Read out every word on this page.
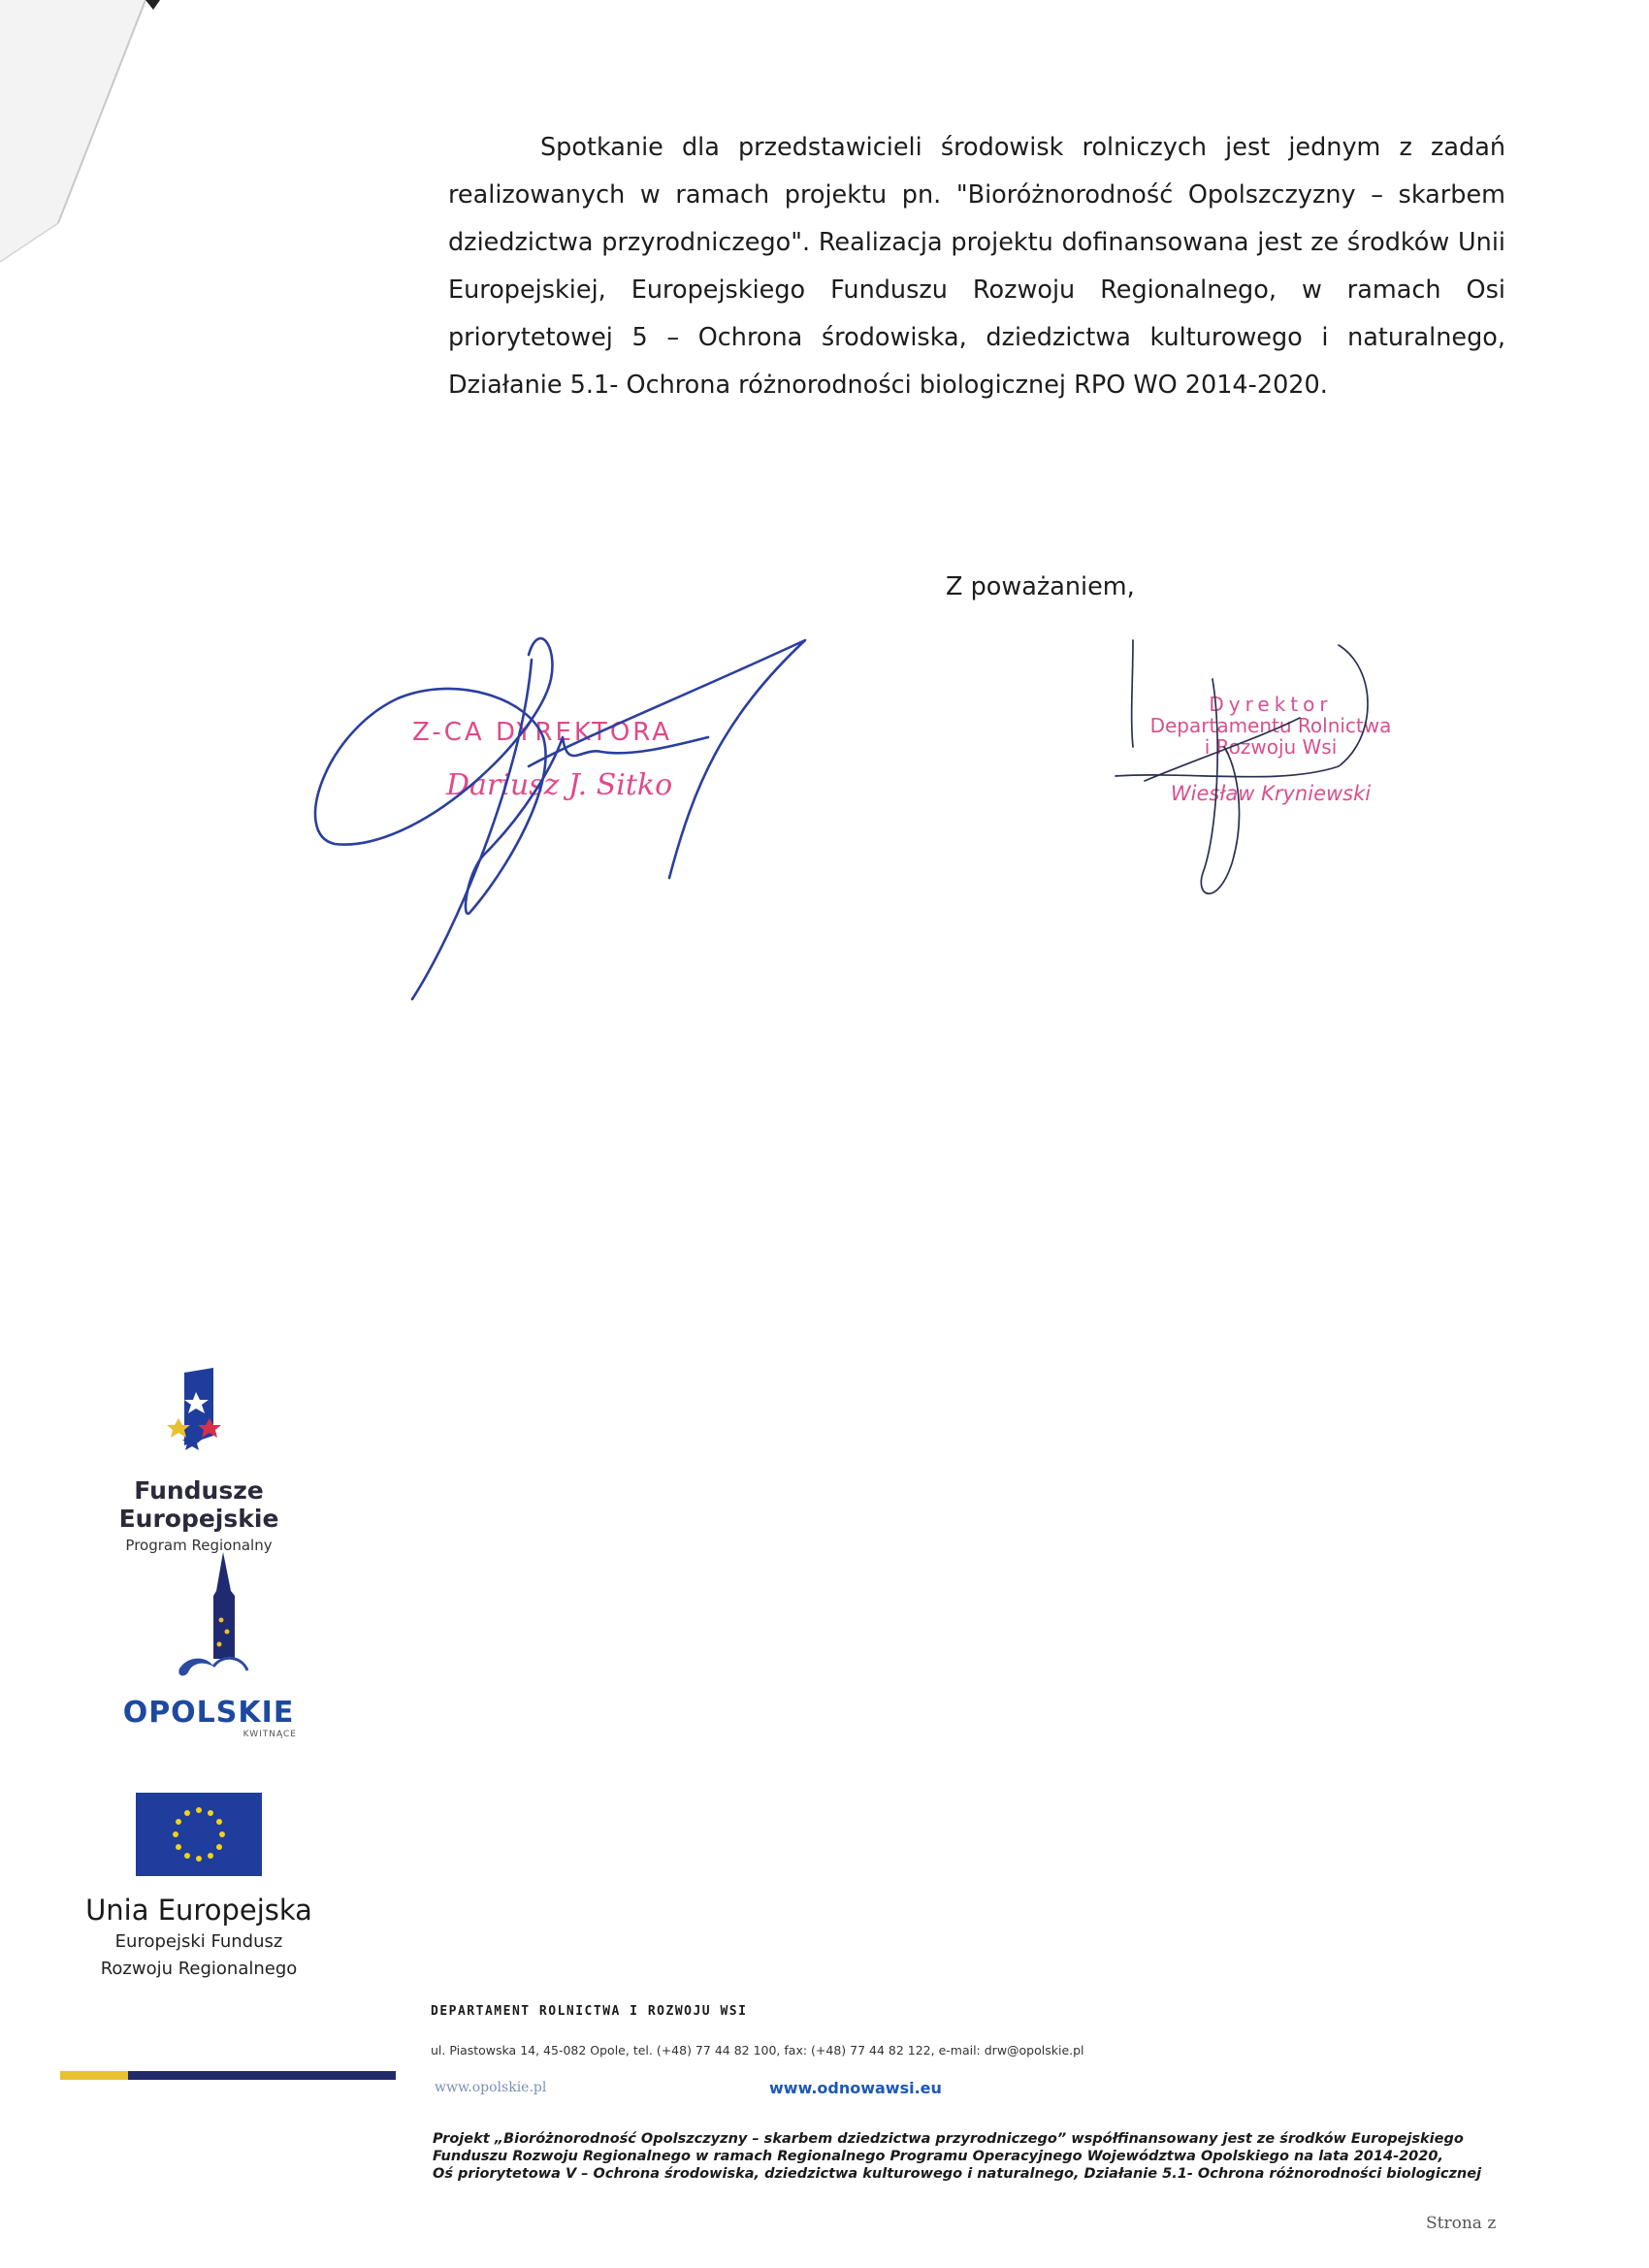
Spotkanie dla przedstawicieli środowisk rolniczych jest jednym z zadań realizowanych w ramach projektu pn. "Bioróżnorodność Opolszczyzny – skarbem dziedzictwa przyrodniczego". Realizacja projektu dofinansowana jest ze środków Unii Europejskiej, Europejskiego Funduszu Rozwoju Regionalnego, w ramach Osi priorytetowej 5 – Ochrona środowiska, dziedzictwa kulturowego i naturalnego, Działanie 5.1- Ochrona różnorodności biologicznej RPO WO 2014-2020.
Z poważaniem,
Z-CA DYREKTORA
Dariusz J. Sitko
Dyrektor
Departamentu Rolnictwa
i Rozwoju Wsi
Wiesław Kryniewski
Fundusze Europejskie
Program Regionalny
OPOLSKIE
KWITNĄCE
Unia Europejska
Europejski Fundusz
Rozwoju Regionalnego
DEPARTAMENT ROLNICTWA I ROZWOJU WSI
ul. Piastowska 14, 45-082 Opole, tel. (+48) 77 44 82 100, fax: (+48) 77 44 82 122, e-mail: drw@opolskie.pl
www.opolskie.pl	www.odnowawsi.eu
Projekt „Bioróżnorodność Opolszczyzny – skarbem dziedzictwa przyrodniczego” współfinansowany jest ze środków Europejskiego
Funduszu Rozwoju Regionalnego w ramach Regionalnego Programu Operacyjnego Województwa Opolskiego na lata 2014-2020,
Oś priorytetowa V – Ochrona środowiska, dziedzictwa kulturowego i naturalnego, Działanie 5.1- Ochrona różnorodności biologicznej
Strona z
